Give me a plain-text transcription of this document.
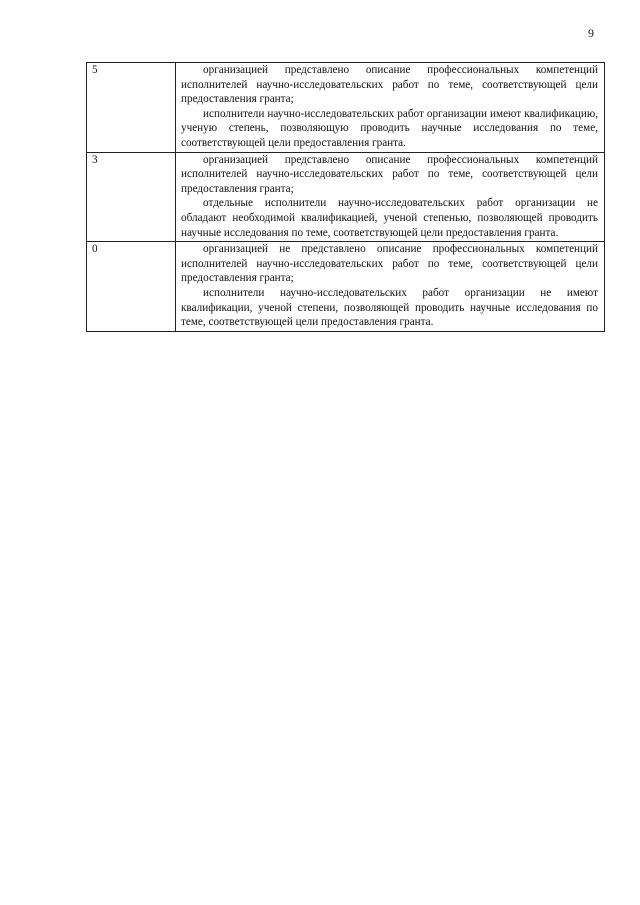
9
5	организацией представлено описание профессиональных компетенций исполнителей научно-исследовательских работ по теме, соответствующей цели предоставления гранта;

исполнители научно-исследовательских работ организации имеют квалификацию, ученую степень, позволяющую проводить научные исследования по теме, соответствующей цели предоставления гранта.

3	организацией представлено описание профессиональных компетенций исполнителей научно-исследовательских работ по теме, соответствующей цели предоставления гранта;

отдельные исполнители научно-исследовательских работ организации не обладают необходимой квалификацией, ученой степенью, позволяющей проводить научные исследования по теме, соответствующей цели предоставления гранта.

0	организацией не представлено описание профессиональных компетенций исполнителей научно-исследовательских работ по теме, соответствующей цели предоставления гранта;

исполнители научно-исследовательских работ организации не имеют квалификации, ученой степени, позволяющей проводить научные исследования по теме, соответствующей цели предоставления гранта.
